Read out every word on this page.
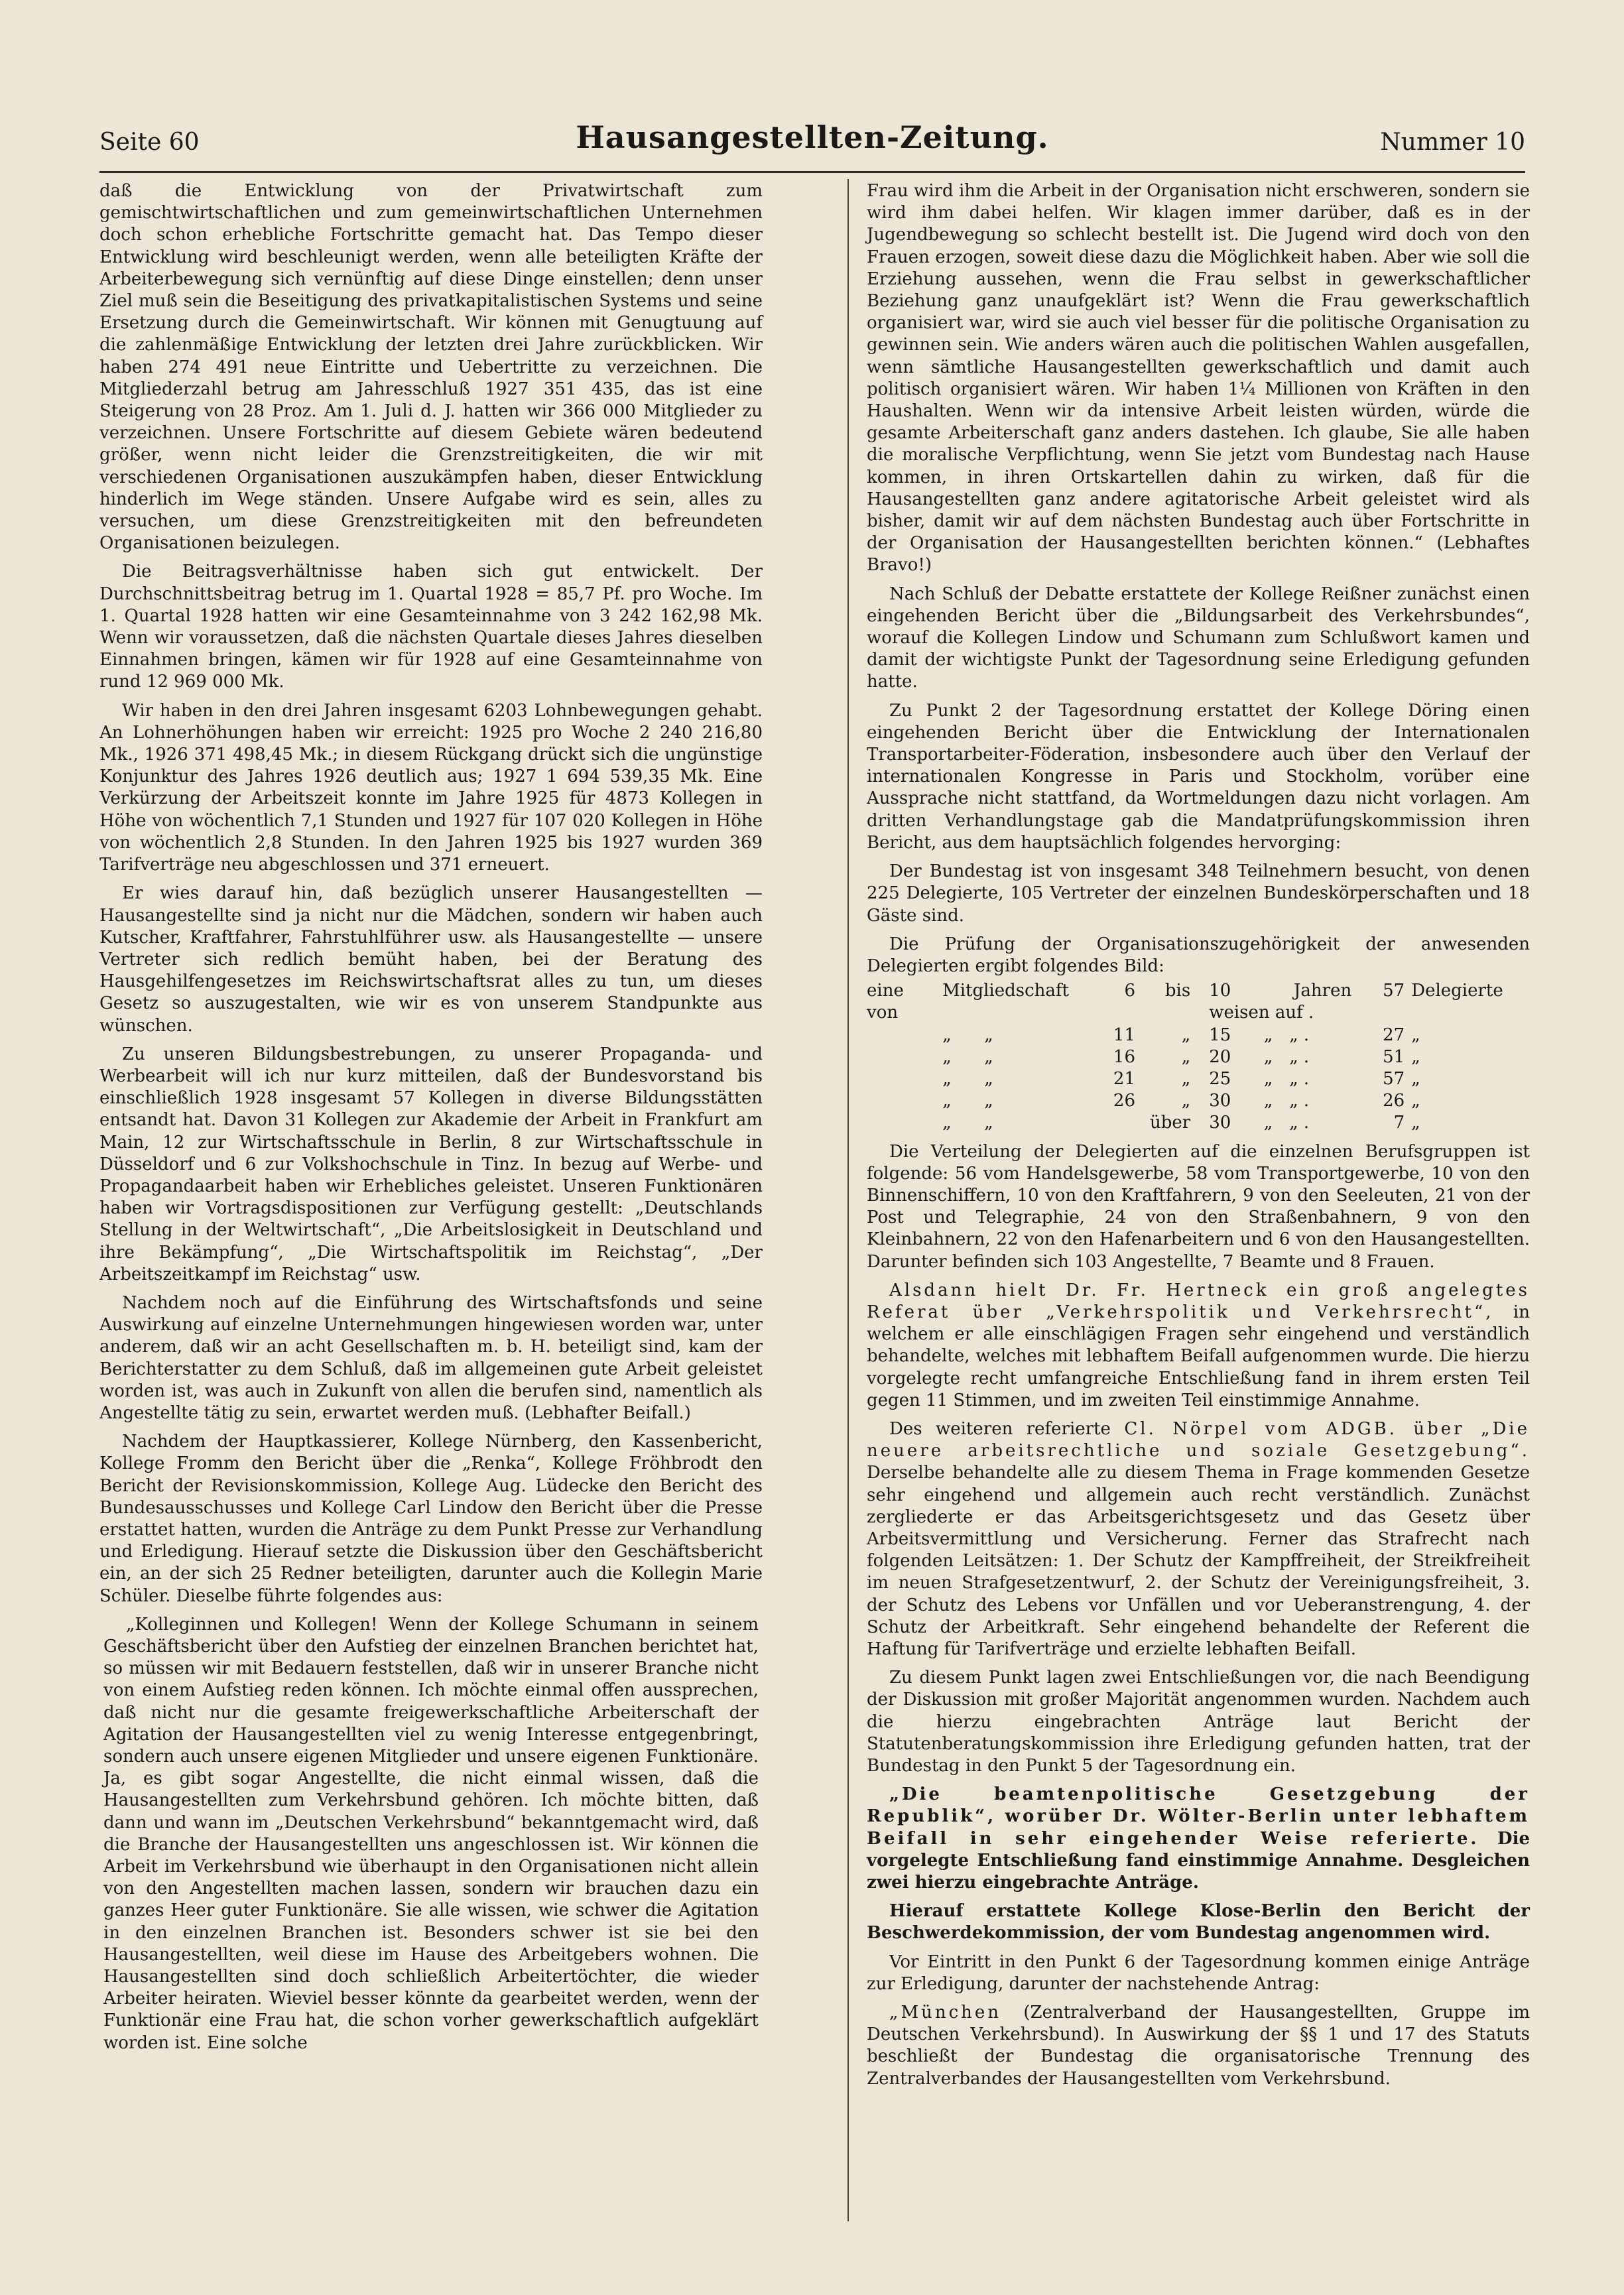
Seite 60	Hausangestellten-Zeitung.	Nummer 10

daß die Entwicklung von der Privatwirtschaft zum gemischtwirtschaftlichen und zum gemeinwirtschaftlichen Unternehmen doch schon erhebliche Fortschritte gemacht hat. Das Tempo dieser Entwicklung wird beschleunigt werden, wenn alle beteiligten Kräfte der Arbeiterbewegung sich vernünftig auf diese Dinge einstellen; denn unser Ziel muß sein die Beseitigung des privatkapitalistischen Systems und seine Ersetzung durch die Gemeinwirtschaft. Wir können mit Genugtuung auf die zahlenmäßige Entwicklung der letzten drei Jahre zurückblicken. Wir haben 274 491 neue Eintritte und Uebertritte zu verzeichnen. Die Mitgliederzahl betrug am Jahresschluß 1927 351 435, das ist eine Steigerung von 28 Proz. Am 1. Juli d. J. hatten wir 366 000 Mitglieder zu verzeichnen. Unsere Fortschritte auf diesem Gebiete wären bedeutend größer, wenn nicht leider die Grenzstreitigkeiten, die wir mit verschiedenen Organisationen auszukämpfen haben, dieser Entwicklung hinderlich im Wege ständen. Unsere Aufgabe wird es sein, alles zu versuchen, um diese Grenzstreitigkeiten mit den befreundeten Organisationen beizulegen.

Die Beitragsverhältnisse haben sich gut entwickelt. Der Durchschnittsbeitrag betrug im 1. Quartal 1928 = 85,7 Pf. pro Woche. Im 1. Quartal 1928 hatten wir eine Gesamteinnahme von 3 242 162,98 Mk. Wenn wir voraussetzen, daß die nächsten Quartale dieses Jahres dieselben Einnahmen bringen, kämen wir für 1928 auf eine Gesamteinnahme von rund 12 969 000 Mk.

Wir haben in den drei Jahren insgesamt 6203 Lohnbewegungen gehabt. An Lohnerhöhungen haben wir erreicht: 1925 pro Woche 2 240 216,80 Mk., 1926 371 498,45 Mk.; in diesem Rückgang drückt sich die ungünstige Konjunktur des Jahres 1926 deutlich aus; 1927 1 694 539,35 Mk. Eine Verkürzung der Arbeitszeit konnte im Jahre 1925 für 4873 Kollegen in Höhe von wöchentlich 7,1 Stunden und 1927 für 107 020 Kollegen in Höhe von wöchentlich 2,8 Stunden. In den Jahren 1925 bis 1927 wurden 369 Tarifverträge neu abgeschlossen und 371 erneuert.

Er wies darauf hin, daß bezüglich unserer Hausangestellten — Hausangestellte sind ja nicht nur die Mädchen, sondern wir haben auch Kutscher, Kraftfahrer, Fahrstuhlführer usw. als Hausangestellte — unsere Vertreter sich redlich bemüht haben, bei der Beratung des Hausgehilfengesetzes im Reichswirtschaftsrat alles zu tun, um dieses Gesetz so auszugestalten, wie wir es von unserem Standpunkte aus wünschen.

Zu unseren Bildungsbestrebungen, zu unserer Propaganda- und Werbearbeit will ich nur kurz mitteilen, daß der Bundesvorstand bis einschließlich 1928 insgesamt 57 Kollegen in diverse Bildungsstätten entsandt hat. Davon 31 Kollegen zur Akademie der Arbeit in Frankfurt am Main, 12 zur Wirtschaftsschule in Berlin, 8 zur Wirtschaftsschule in Düsseldorf und 6 zur Volkshochschule in Tinz. In bezug auf Werbe- und Propagandaarbeit haben wir Erhebliches geleistet. Unseren Funktionären haben wir Vortragsdispositionen zur Verfügung gestellt: „Deutschlands Stellung in der Weltwirtschaft“, „Die Arbeitslosigkeit in Deutschland und ihre Bekämpfung“, „Die Wirtschaftspolitik im Reichstag“, „Der Arbeitszeitkampf im Reichstag“ usw.

Nachdem noch auf die Einführung des Wirtschaftsfonds und seine Auswirkung auf einzelne Unternehmungen hingewiesen worden war, unter anderem, daß wir an acht Gesellschaften m. b. H. beteiligt sind, kam der Berichterstatter zu dem Schluß, daß im allgemeinen gute Arbeit geleistet worden ist, was auch in Zukunft von allen die berufen sind, namentlich als Angestellte tätig zu sein, erwartet werden muß. (Lebhafter Beifall.)

Nachdem der Hauptkassierer, Kollege Nürnberg, den Kassenbericht, Kollege Fromm den Bericht über die „Renka“, Kollege Fröhbrodt den Bericht der Revisionskommission, Kollege Aug. Lüdecke den Bericht des Bundesausschusses und Kollege Carl Lindow den Bericht über die Presse erstattet hatten, wurden die Anträge zu dem Punkt Presse zur Verhandlung und Erledigung. Hierauf setzte die Diskussion über den Geschäftsbericht ein, an der sich 25 Redner beteiligten, darunter auch die Kollegin Marie Schüler. Dieselbe führte folgendes aus:

„Kolleginnen und Kollegen! Wenn der Kollege Schumann in seinem Geschäftsbericht über den Aufstieg der einzelnen Branchen berichtet hat, so müssen wir mit Bedauern feststellen, daß wir in unserer Branche nicht von einem Aufstieg reden können. Ich möchte einmal offen aussprechen, daß nicht nur die gesamte freigewerkschaftliche Arbeiterschaft der Agitation der Hausangestellten viel zu wenig Interesse entgegenbringt, sondern auch unsere eigenen Mitglieder und unsere eigenen Funktionäre. Ja, es gibt sogar Angestellte, die nicht einmal wissen, daß die Hausangestellten zum Verkehrsbund gehören. Ich möchte bitten, daß dann und wann im „Deutschen Verkehrsbund“ bekanntgemacht wird, daß die Branche der Hausangestellten uns angeschlossen ist. Wir können die Arbeit im Verkehrsbund wie überhaupt in den Organisationen nicht allein von den Angestellten machen lassen, sondern wir brauchen dazu ein ganzes Heer guter Funktionäre. Sie alle wissen, wie schwer die Agitation in den einzelnen Branchen ist. Besonders schwer ist sie bei den Hausangestellten, weil diese im Hause des Arbeitgebers wohnen. Die Hausangestellten sind doch schließlich Arbeitertöchter, die wieder Arbeiter heiraten. Wieviel besser könnte da gearbeitet werden, wenn der Funktionär eine Frau hat, die schon vorher gewerkschaftlich aufgeklärt worden ist. Eine solche

Frau wird ihm die Arbeit in der Organisation nicht erschweren, sondern sie wird ihm dabei helfen. Wir klagen immer darüber, daß es in der Jugendbewegung so schlecht bestellt ist. Die Jugend wird doch von den Frauen erzogen, soweit diese dazu die Möglichkeit haben. Aber wie soll die Erziehung aussehen, wenn die Frau selbst in gewerkschaftlicher Beziehung ganz unaufgeklärt ist? Wenn die Frau gewerkschaftlich organisiert war, wird sie auch viel besser für die politische Organisation zu gewinnen sein. Wie anders wären auch die politischen Wahlen ausgefallen, wenn sämtliche Hausangestellten gewerkschaftlich und damit auch politisch organisiert wären. Wir haben 1¼ Millionen von Kräften in den Haushalten. Wenn wir da intensive Arbeit leisten würden, würde die gesamte Arbeiterschaft ganz anders dastehen. Ich glaube, Sie alle haben die moralische Verpflichtung, wenn Sie jetzt vom Bundestag nach Hause kommen, in ihren Ortskartellen dahin zu wirken, daß für die Hausangestellten ganz andere agitatorische Arbeit geleistet wird als bisher, damit wir auf dem nächsten Bundestag auch über Fortschritte in der Organisation der Hausangestellten berichten können.“ (Lebhaftes Bravo!)

Nach Schluß der Debatte erstattete der Kollege Reißner zunächst einen eingehenden Bericht über die „Bildungsarbeit des Verkehrsbundes“, worauf die Kollegen Lindow und Schumann zum Schlußwort kamen und damit der wichtigste Punkt der Tagesordnung seine Erledigung gefunden hatte.

Zu Punkt 2 der Tagesordnung erstattet der Kollege Döring einen eingehenden Bericht über die Entwicklung der Internationalen Transportarbeiter-Föderation, insbesondere auch über den Verlauf der internationalen Kongresse in Paris und Stockholm, vorüber eine Aussprache nicht stattfand, da Wortmeldungen dazu nicht vorlagen. Am dritten Verhandlungstage gab die Mandatprüfungskommission ihren Bericht, aus dem hauptsächlich folgendes hervorging:

Der Bundestag ist von insgesamt 348 Teilnehmern besucht, von denen 225 Delegierte, 105 Vertreter der einzelnen Bundeskörperschaften und 18 Gäste sind.

Die Prüfung der Organisationszugehörigkeit der anwesenden Delegierten ergibt folgendes Bild:

eine Mitgliedschaft von	6	bis	10 Jahren weisen auf .	57	Delegierte
„ „	11	„	15 „ „ .	27	„
„ „	16	„	20 „ „ .	51	„
„ „	21	„	25 „ „ .	57	„
„ „	26	„	30 „ „ .	26	„
„ „		über	30 „ „ .	7	„

Die Verteilung der Delegierten auf die einzelnen Berufsgruppen ist folgende: 56 vom Handelsgewerbe, 58 vom Transportgewerbe, 10 von den Binnenschiffern, 10 von den Kraftfahrern, 9 von den Seeleuten, 21 von der Post und Telegraphie, 24 von den Straßenbahnern, 9 von den Kleinbahnern, 22 von den Hafenarbeitern und 6 von den Hausangestellten. Darunter befinden sich 103 Angestellte, 7 Beamte und 8 Frauen.

Alsdann hielt Dr. Fr. Hertneck ein groß angelegtes Referat über „Verkehrspolitik und Verkehrsrecht“, in welchem er alle einschlägigen Fragen sehr eingehend und verständlich behandelte, welches mit lebhaftem Beifall aufgenommen wurde. Die hierzu vorgelegte recht umfangreiche Entschließung fand in ihrem ersten Teil gegen 11 Stimmen, und im zweiten Teil einstimmige Annahme.

Des weiteren referierte Cl. Nörpel vom ADGB. über „Die neuere arbeitsrechtliche und soziale Gesetzgebung“. Derselbe behandelte alle zu diesem Thema in Frage kommenden Gesetze sehr eingehend und allgemein auch recht verständlich. Zunächst zergliederte er das Arbeitsgerichtsgesetz und das Gesetz über Arbeitsvermittlung und Versicherung. Ferner das Strafrecht nach folgenden Leitsätzen: 1. Der Schutz der Kampffreiheit, der Streikfreiheit im neuen Strafgesetzentwurf, 2. der Schutz der Vereinigungsfreiheit, 3. der Schutz des Lebens vor Unfällen und vor Ueberanstrengung, 4. der Schutz der Arbeitkraft. Sehr eingehend behandelte der Referent die Haftung für Tarifverträge und erzielte lebhaften Beifall.

Zu diesem Punkt lagen zwei Entschließungen vor, die nach Beendigung der Diskussion mit großer Majorität angenommen wurden. Nachdem auch die hierzu eingebrachten Anträge laut Bericht der Statutenberatungskommission ihre Erledigung gefunden hatten, trat der Bundestag in den Punkt 5 der Tagesordnung ein.

„Die beamtenpolitische Gesetzgebung der Republik“, worüber Dr. Wölter-Berlin unter lebhaftem Beifall in sehr eingehender Weise referierte. Die vorgelegte Entschließung fand einstimmige Annahme. Desgleichen zwei hierzu eingebrachte Anträge.

Hierauf erstattete Kollege Klose-Berlin den Bericht der Beschwerdekommission, der vom Bundestag angenommen wird.

Vor Eintritt in den Punkt 6 der Tagesordnung kommen einige Anträge zur Erledigung, darunter der nachstehende Antrag:

„München (Zentralverband der Hausangestellten, Gruppe im Deutschen Verkehrsbund). In Auswirkung der §§ 1 und 17 des Statuts beschließt der Bundestag die organisatorische Trennung des Zentralverbandes der Hausangestellten vom Verkehrsbund.
